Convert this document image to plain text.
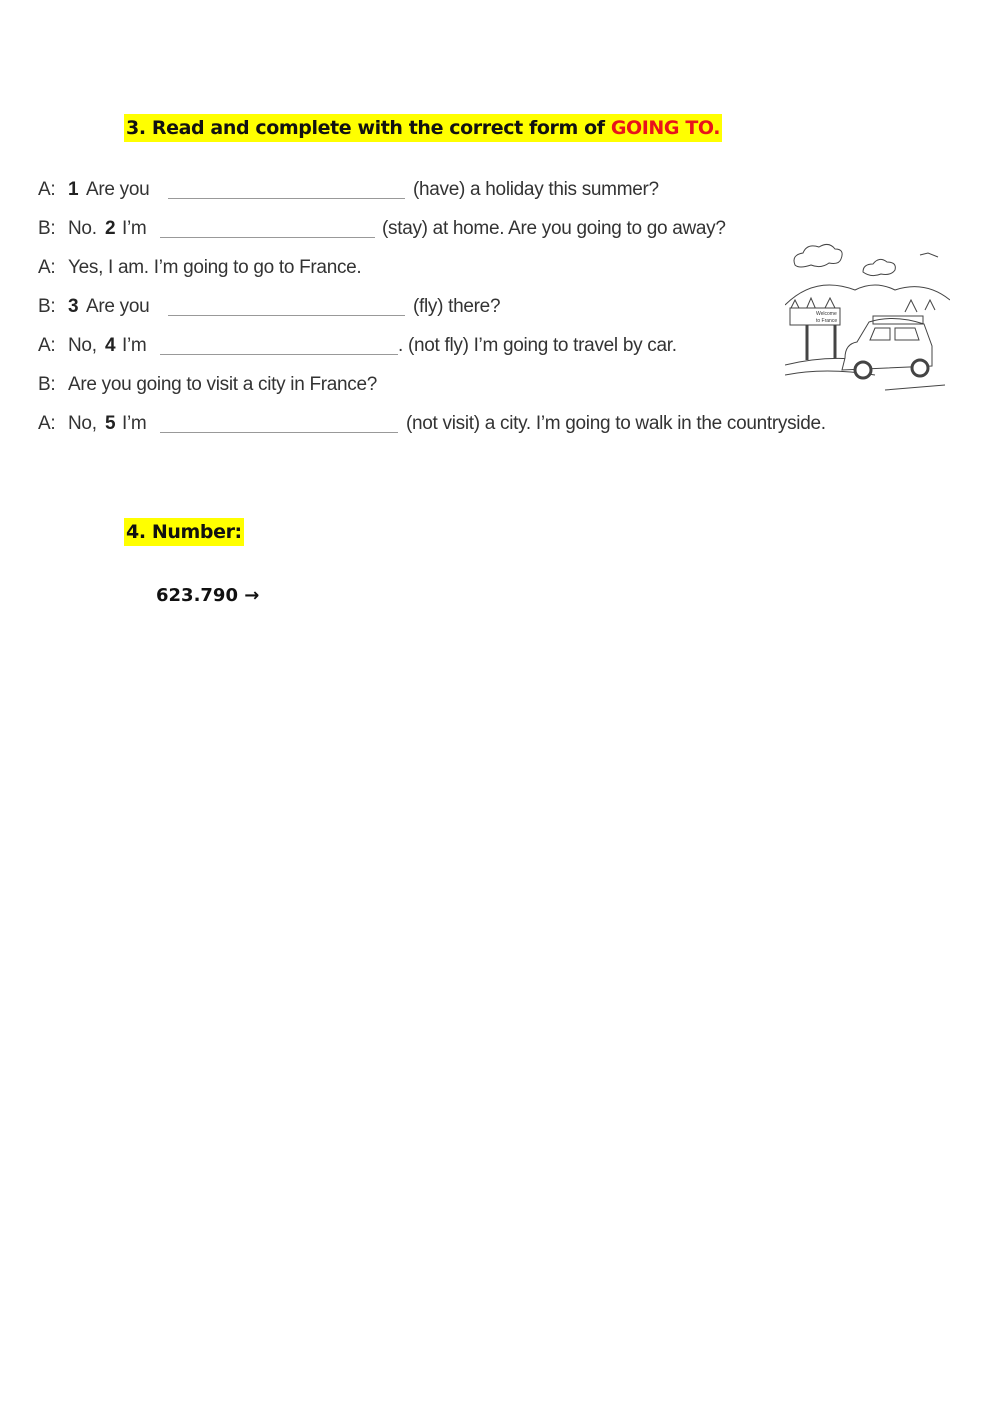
3. Read and complete with the correct form of GOING TO.
A: 1 Are you	(have) a holiday this summer?
B: No. 2 I’m	(stay) at home. Are you going to go away?
A: Yes, I am. I’m going to go to France.
B: 3 Are you	(fly) there?
A: No, 4 I’m	. (not fly) I’m going to travel by car.
B: Are you going to visit a city in France?
A: No, 5 I’m	(not visit) a city. I’m going to walk in the countryside.
Welcome
to France
4. Number:
623.790 →
